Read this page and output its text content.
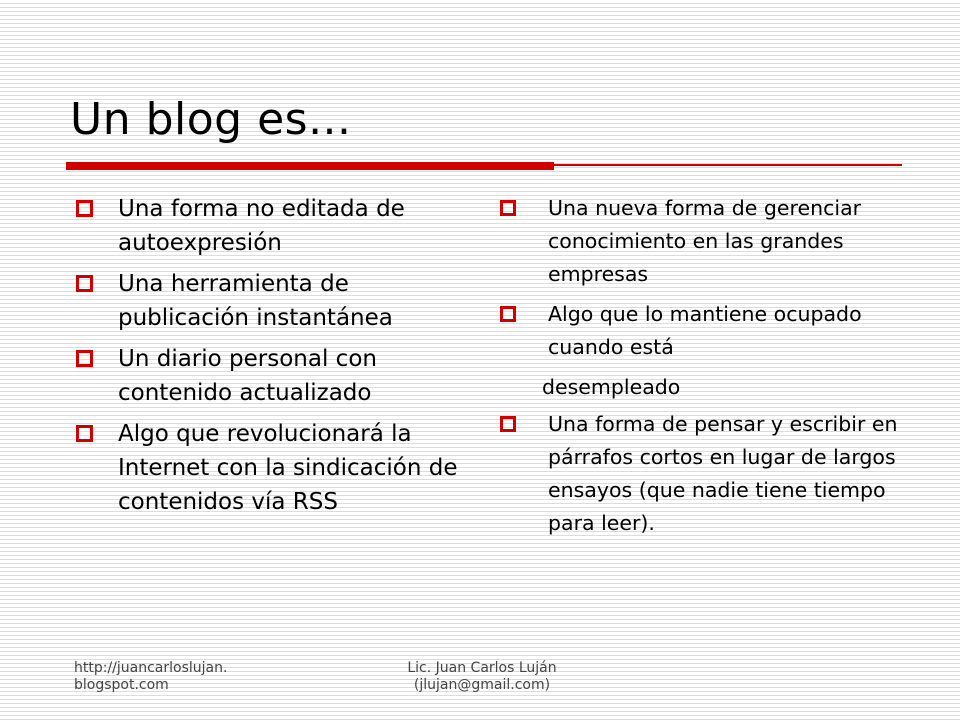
Un blog es...
Una forma no editada de autoexpresión
Una herramienta de publicación instantánea
Un diario personal con contenido actualizado
Algo que revolucionará la Internet con la sindicación de contenidos vía RSS
Una nueva forma de gerenciar conocimiento en las grandes empresas
Algo que lo mantiene ocupado cuando está
desempleado
Una forma de pensar y escribir en párrafos cortos en lugar de largos ensayos (que nadie tiene tiempo para leer).
http://juancarloslujan.
blogspot.com
Lic. Juan Carlos Luján
(jlujan@gmail.com)
